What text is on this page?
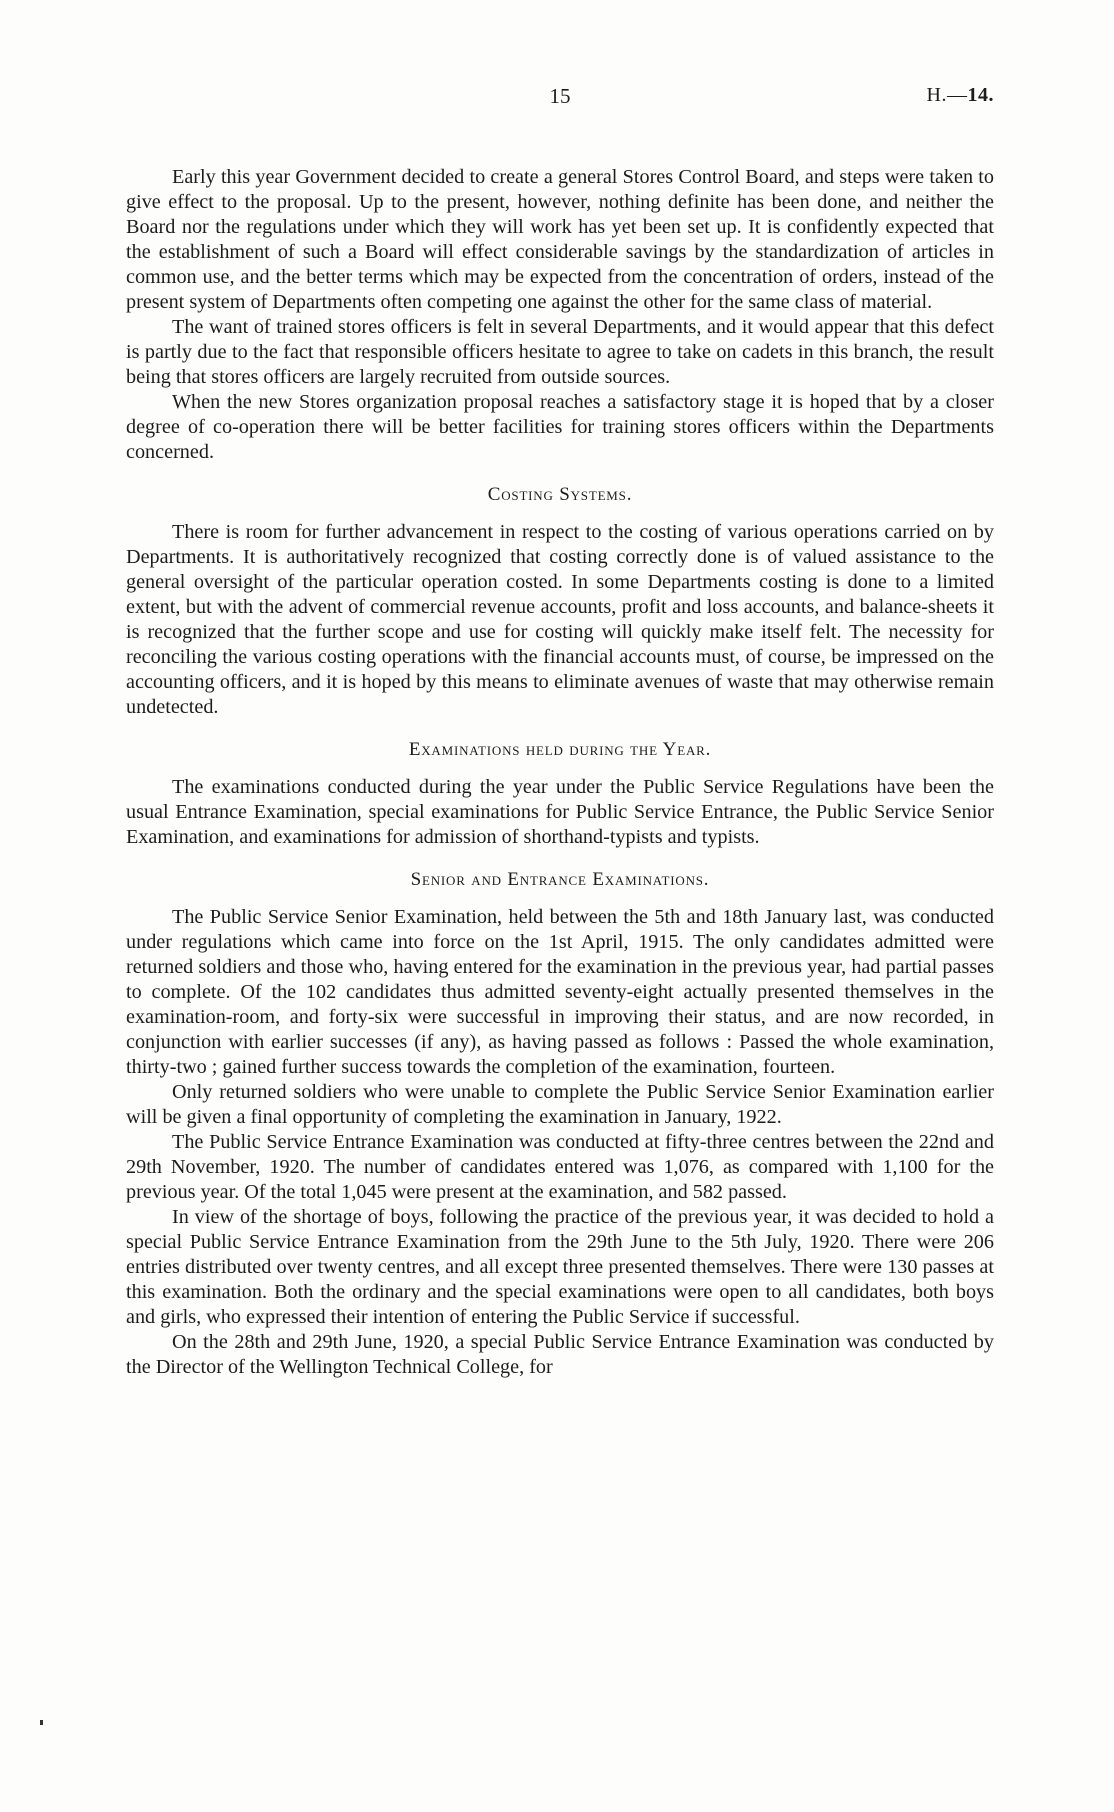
15	H.—14.

Early this year Government decided to create a general Stores Control Board, and steps were taken to give effect to the proposal. Up to the present, however, nothing definite has been done, and neither the Board nor the regulations under which they will work has yet been set up. It is confidently expected that the establishment of such a Board will effect considerable savings by the standardization of articles in common use, and the better terms which may be expected from the concentration of orders, instead of the present system of Departments often competing one against the other for the same class of material.

The want of trained stores officers is felt in several Departments, and it would appear that this defect is partly due to the fact that responsible officers hesitate to agree to take on cadets in this branch, the result being that stores officers are largely recruited from outside sources.

When the new Stores organization proposal reaches a satisfactory stage it is hoped that by a closer degree of co-operation there will be better facilities for training stores officers within the Departments concerned.

Costing Systems.

There is room for further advancement in respect to the costing of various operations carried on by Departments. It is authoritatively recognized that costing correctly done is of valued assistance to the general oversight of the particular operation costed. In some Departments costing is done to a limited extent, but with the advent of commercial revenue accounts, profit and loss accounts, and balance-sheets it is recognized that the further scope and use for costing will quickly make itself felt. The necessity for reconciling the various costing operations with the financial accounts must, of course, be impressed on the accounting officers, and it is hoped by this means to eliminate avenues of waste that may otherwise remain undetected.

Examinations held during the Year.

The examinations conducted during the year under the Public Service Regulations have been the usual Entrance Examination, special examinations for Public Service Entrance, the Public Service Senior Examination, and examinations for admission of shorthand-typists and typists.

Senior and Entrance Examinations.

The Public Service Senior Examination, held between the 5th and 18th January last, was conducted under regulations which came into force on the 1st April, 1915. The only candidates admitted were returned soldiers and those who, having entered for the examination in the previous year, had partial passes to complete. Of the 102 candidates thus admitted seventy-eight actually presented themselves in the examination-room, and forty-six were successful in improving their status, and are now recorded, in conjunction with earlier successes (if any), as having passed as follows : Passed the whole examination, thirty-two ; gained further success towards the completion of the examination, fourteen.

Only returned soldiers who were unable to complete the Public Service Senior Examination earlier will be given a final opportunity of completing the examination in January, 1922.

The Public Service Entrance Examination was conducted at fifty-three centres between the 22nd and 29th November, 1920. The number of candidates entered was 1,076, as compared with 1,100 for the previous year. Of the total 1,045 were present at the examination, and 582 passed.

In view of the shortage of boys, following the practice of the previous year, it was decided to hold a special Public Service Entrance Examination from the 29th June to the 5th July, 1920. There were 206 entries distributed over twenty centres, and all except three presented themselves. There were 130 passes at this examination. Both the ordinary and the special examinations were open to all candidates, both boys and girls, who expressed their intention of entering the Public Service if successful.

On the 28th and 29th June, 1920, a special Public Service Entrance Examination was conducted by the Director of the Wellington Technical College, for
